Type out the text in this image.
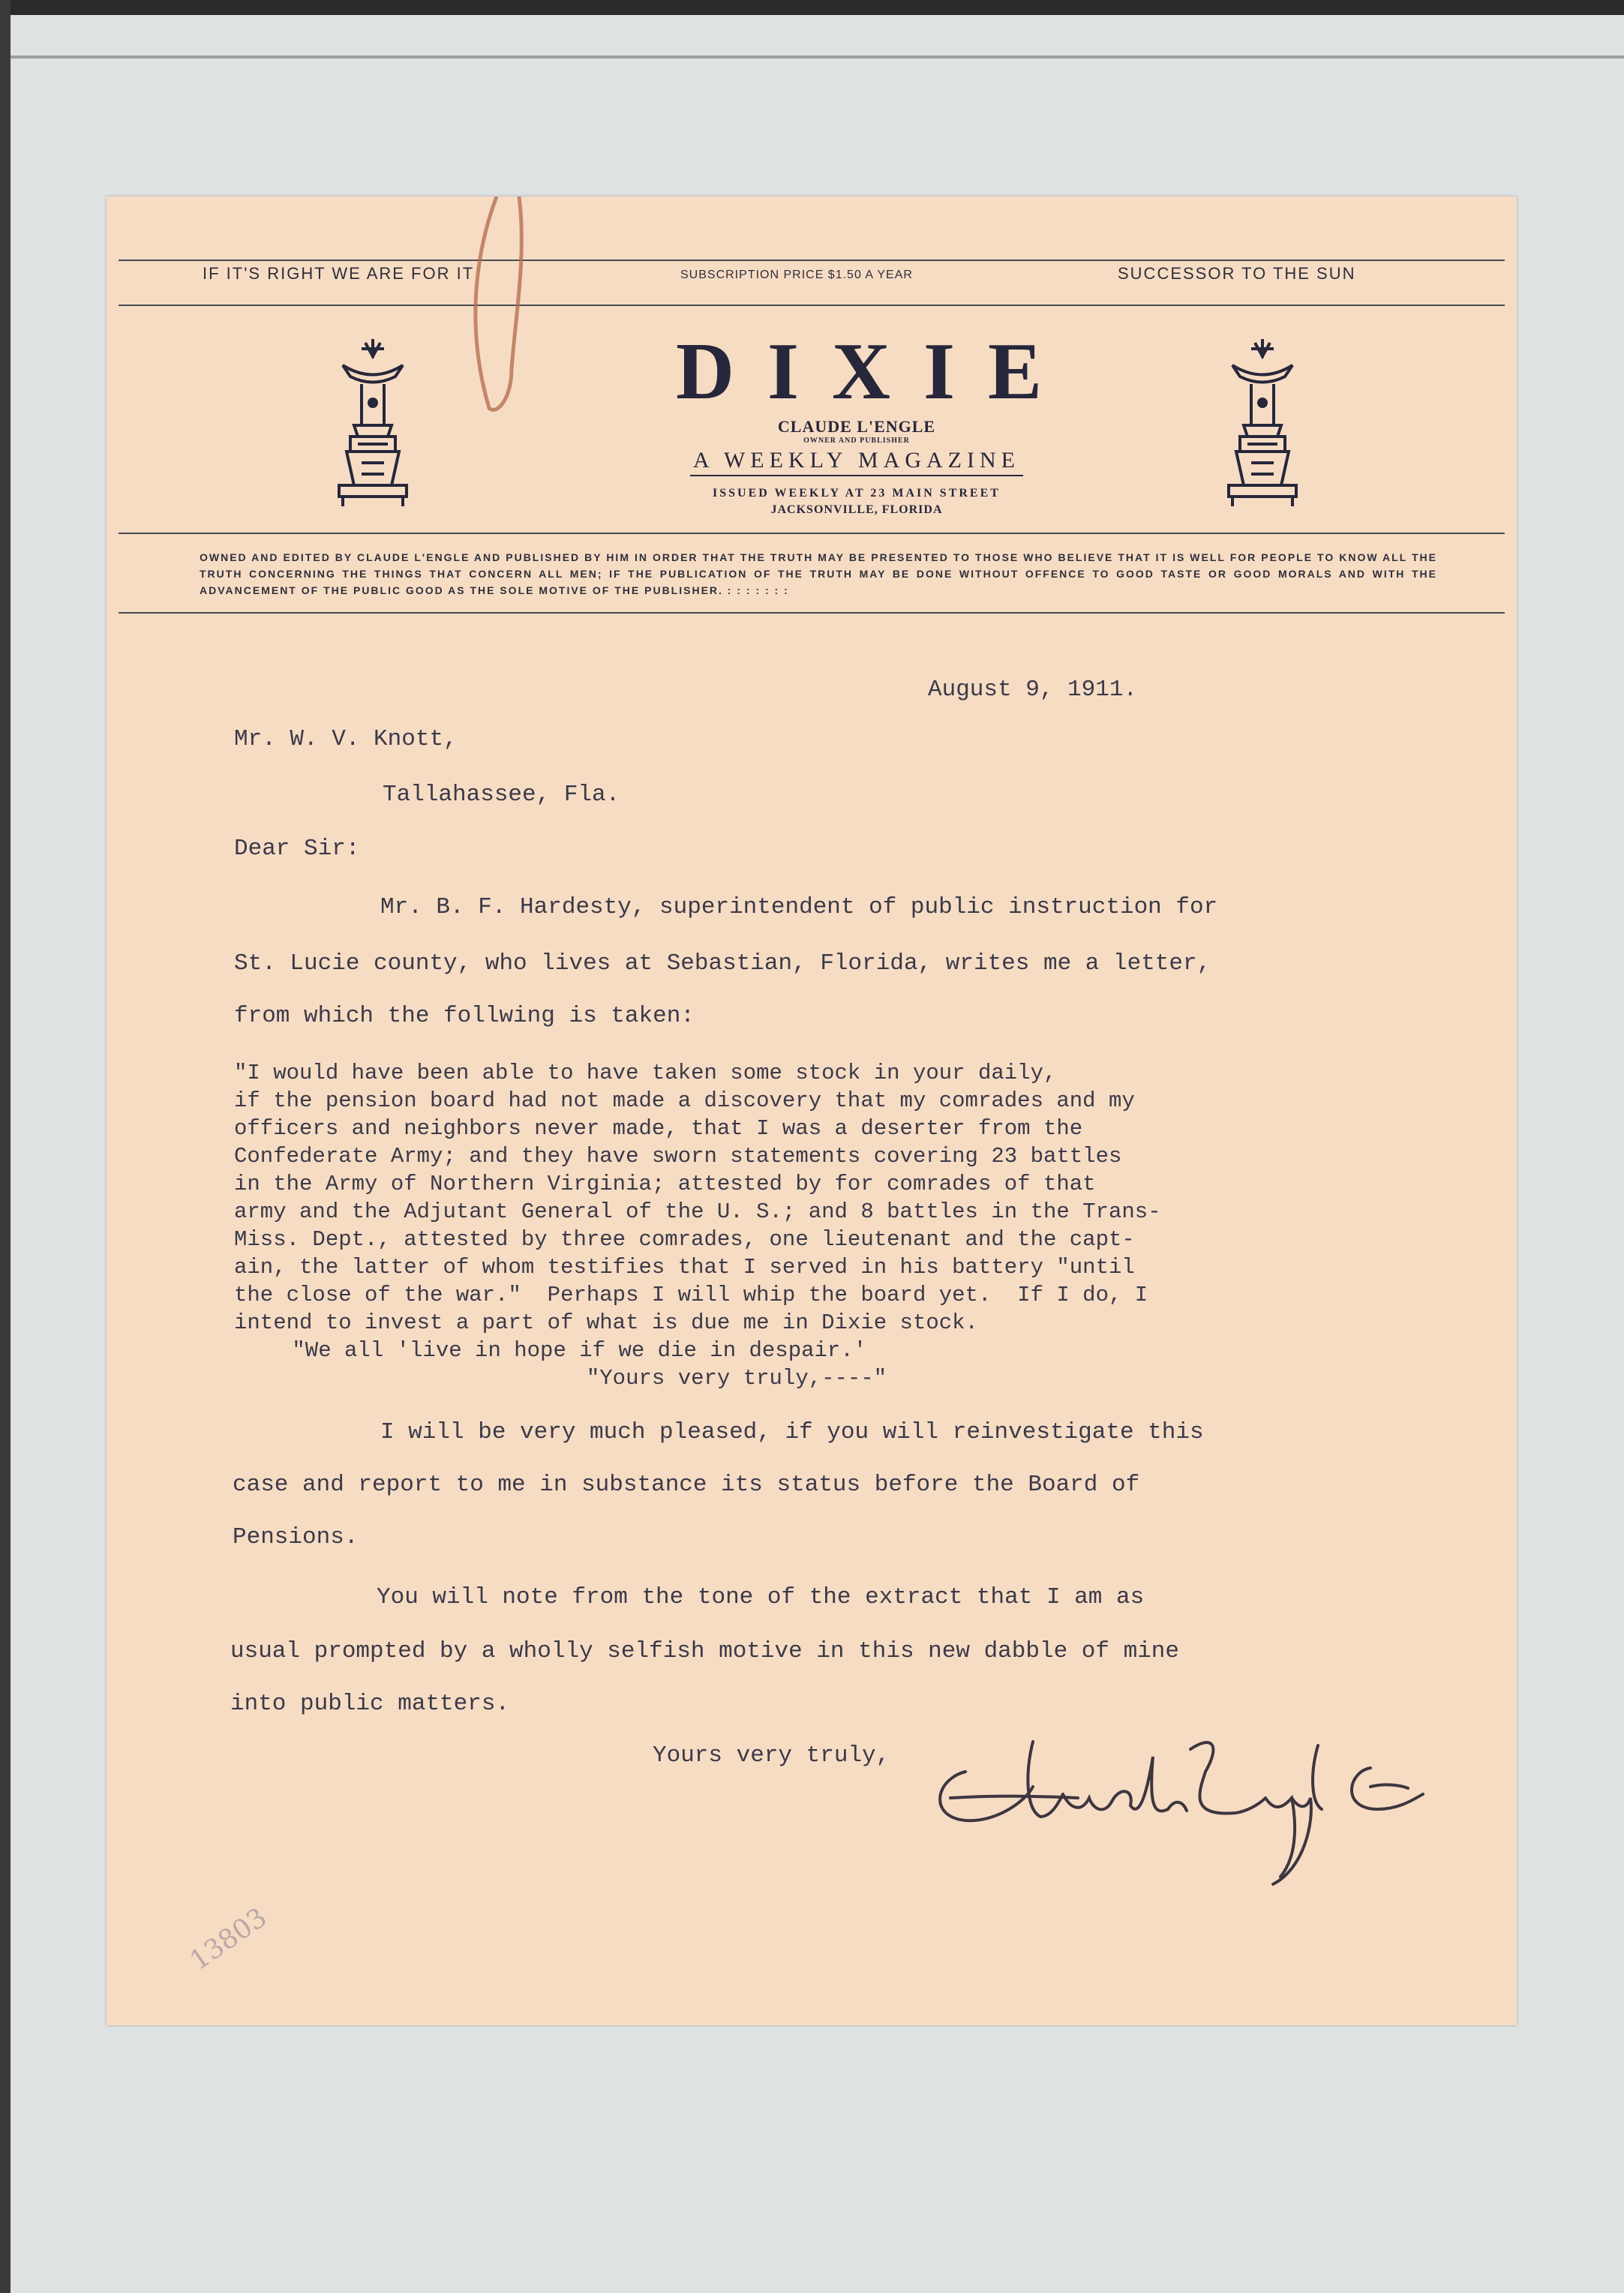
IF IT'S RIGHT WE ARE FOR IT	SUBSCRIPTION PRICE $1.50 A YEAR	SUCCESSOR TO THE SUN
DIXIE
CLAUDE L'ENGLE
OWNER AND PUBLISHER
A WEEKLY MAGAZINE
ISSUED WEEKLY AT 23 MAIN STREET
JACKSONVILLE, FLORIDA
OWNED AND EDITED BY CLAUDE L'ENGLE AND PUBLISHED BY HIM IN ORDER THAT THE TRUTH MAY BE PRESENTED TO THOSE WHO BELIEVE THAT IT IS WELL FOR PEOPLE TO KNOW ALL THE TRUTH CONCERNING THE THINGS THAT CONCERN ALL MEN; IF THE PUBLICATION OF THE TRUTH MAY BE DONE WITHOUT OFFENCE TO GOOD TASTE OR GOOD MORALS AND WITH THE ADVANCEMENT OF THE PUBLIC GOOD AS THE SOLE MOTIVE OF THE PUBLISHER. : : : : : : :
August 9, 1911.
Mr. W. V. Knott,
Tallahassee, Fla.
Dear Sir:
Mr. B. F. Hardesty, superintendent of public instruction for
St. Lucie county, who lives at Sebastian, Florida, writes me a letter,
from which the follwing is taken:
"I would have been able to have taken some stock in your daily,
if the pension board had not made a discovery that my comrades and my
officers and neighbors never made, that I was a deserter from the
Confederate Army; and they have sworn statements covering 23 battles
in the Army of Northern Virginia; attested by for comrades of that
army and the Adjutant General of the U. S.; and 8 battles in the Trans-
Miss. Dept., attested by three comrades, one lieutenant and the capt-
ain, the latter of whom testifies that I served in his battery "until
the close of the war."  Perhaps I will whip the board yet.  If I do, I
intend to invest a part of what is due me in Dixie stock.
"We all 'live in hope if we die in despair.'
"Yours very truly,----"
I will be very much pleased, if you will reinvestigate this
case and report to me in substance its status before the Board of
Pensions.
You will note from the tone of the extract that I am as
usual prompted by a wholly selfish motive in this new dabble of mine
into public matters.
Yours very truly,
13803
